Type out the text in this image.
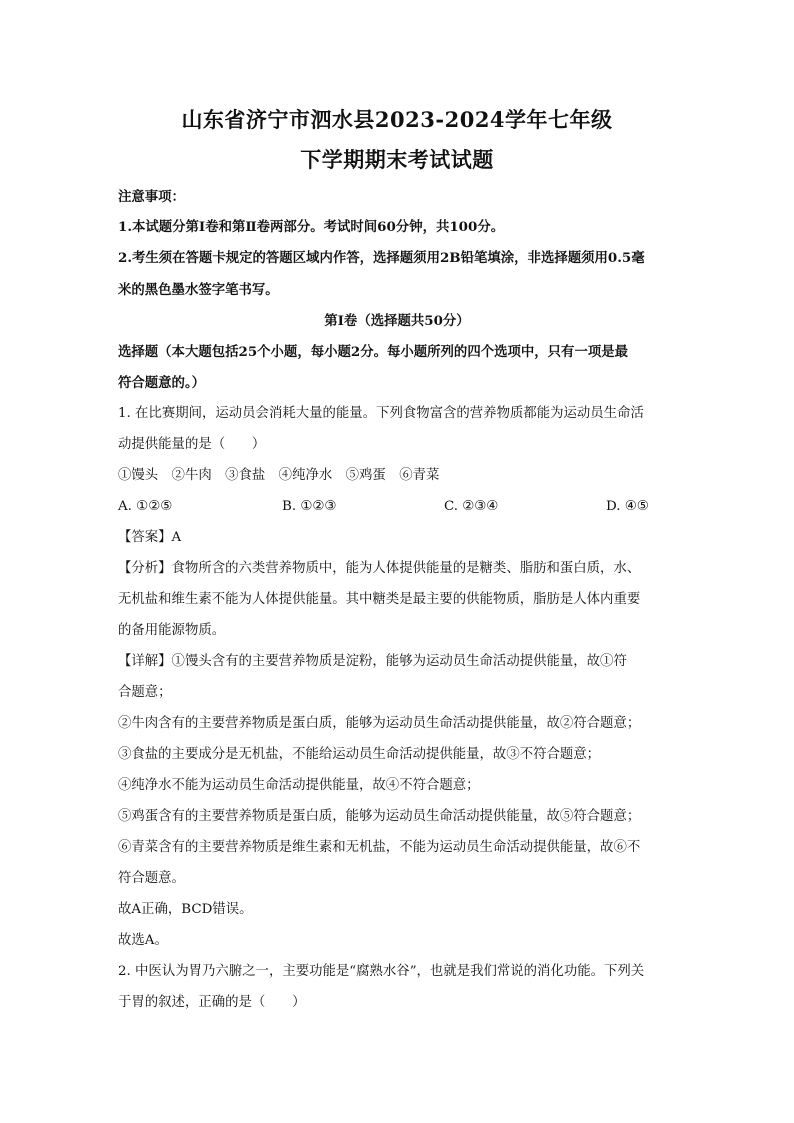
山东省济宁市泗水县2023-2024学年七年级
下学期期末考试试题
注意事项：
1.本试题分第Ⅰ卷和第Ⅱ卷两部分。考试时间60分钟，共100分。
2.考生须在答题卡规定的答题区域内作答，选择题须用2B铅笔填涂，非选择题须用0.5毫
米的黑色墨水签字笔书写。
第Ⅰ卷（选择题共50分）
选择题（本大题包括25个小题，每小题2分。每小题所列的四个选项中，只有一项是最
符合题意的。）
1. 在比赛期间，运动员会消耗大量的能量。下列食物富含的营养物质都能为运动员生命活
动提供能量的是（　　）
①馒头　②牛肉　③食盐　④纯净水　⑤鸡蛋　⑥青菜
A. ①②⑤	B. ①②③	C. ②③④	D. ④⑤
【答案】A
【分析】食物所含的六类营养物质中，能为人体提供能量的是糖类、脂肪和蛋白质，水、
无机盐和维生素不能为人体提供能量。其中糖类是最主要的供能物质，脂肪是人体内重要
的备用能源物质。
【详解】①馒头含有的主要营养物质是淀粉，能够为运动员生命活动提供能量，故①符
合题意；
②牛肉含有的主要营养物质是蛋白质，能够为运动员生命活动提供能量，故②符合题意；
③食盐的主要成分是无机盐，不能给运动员生命活动提供能量，故③不符合题意；
④纯净水不能为运动员生命活动提供能量，故④不符合题意；
⑤鸡蛋含有的主要营养物质是蛋白质，能够为运动员生命活动提供能量，故⑤符合题意；
⑥青菜含有的主要营养物质是维生素和无机盐，不能为运动员生命活动提供能量，故⑥不
符合题意。
故A正确，BCD错误。
故选A。
2. 中医认为胃乃六腑之一，主要功能是“腐熟水谷”，也就是我们常说的消化功能。下列关
于胃的叙述，正确的是（　　）
